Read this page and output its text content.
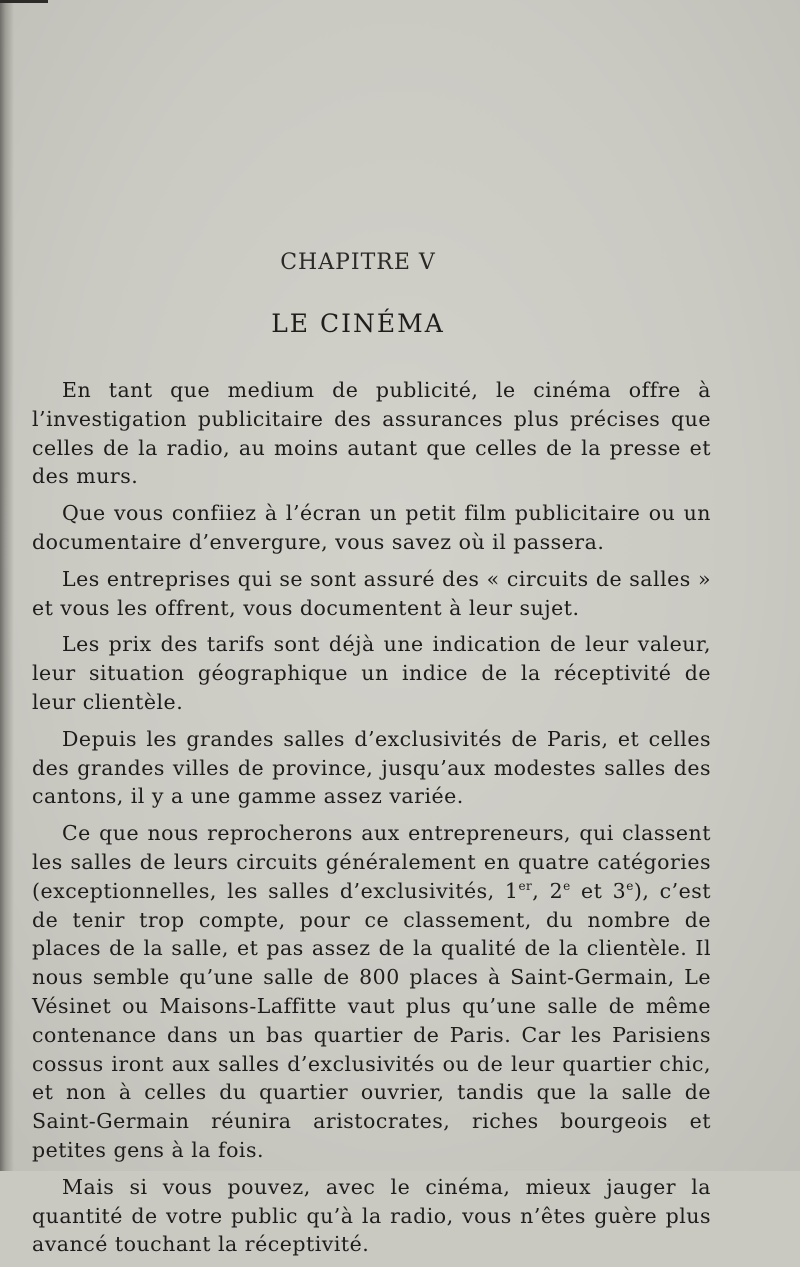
CHAPITRE V
LE CINÉMA

En tant que medium de publicité, le cinéma offre à l’investigation publicitaire des assurances plus précises que celles de la radio, au moins autant que celles de la presse et des murs.

Que vous confiiez à l’écran un petit film publicitaire ou un documentaire d’envergure, vous savez où il passera.

Les entreprises qui se sont assuré des « circuits de salles » et vous les offrent, vous documentent à leur sujet.

Les prix des tarifs sont déjà une indication de leur valeur, leur situation géographique un indice de la réceptivité de leur clientèle.

Depuis les grandes salles d’exclusivités de Paris, et celles des grandes villes de province, jusqu’aux modestes salles des cantons, il y a une gamme assez variée.

Ce que nous reprocherons aux entrepreneurs, qui classent les salles de leurs circuits généralement en quatre catégories (exceptionnelles, les salles d’exclusivités, 1er, 2e et 3e), c’est de tenir trop compte, pour ce classement, du nombre de places de la salle, et pas assez de la qualité de la clientèle. Il nous semble qu’une salle de 800 places à Saint-Germain, Le Vésinet ou Maisons-Laffitte vaut plus qu’une salle de même contenance dans un bas quartier de Paris. Car les Parisiens cossus iront aux salles d’exclusivités ou de leur quartier chic, et non à celles du quartier ouvrier, tandis que la salle de Saint-Germain réunira aristocrates, riches bourgeois et petites gens à la fois.

Mais si vous pouvez, avec le cinéma, mieux jauger la quantité de votre public qu’à la radio, vous n’êtes guère plus avancé touchant la réceptivité.
